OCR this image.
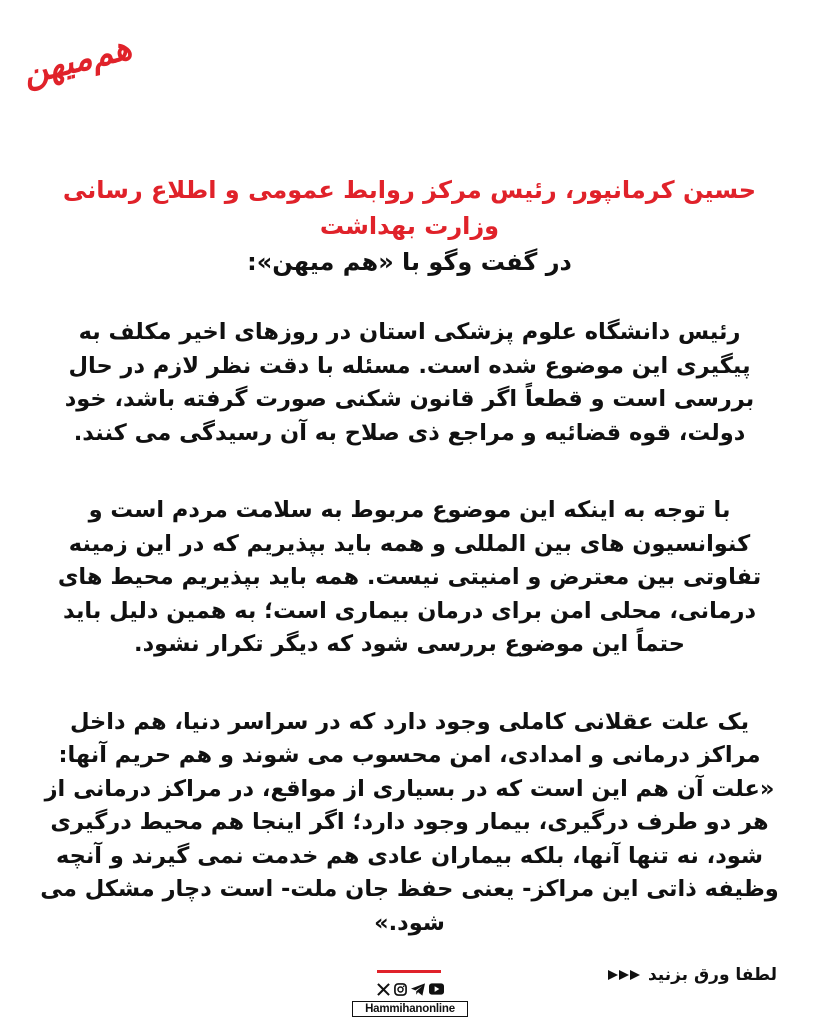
هم‌میهن
حسین کرمانپور، رئیس مرکز روابط عمومی و اطلاع رسانی وزارت بهداشت
در گفت وگو با «هم میهن»:

رئیس دانشگاه علوم پزشکی استان در روزهای اخیر مکلف به پیگیری این موضوع شده است. مسئله با دقت نظر لازم در حال بررسی است و قطعاً اگر قانون شکنی صورت گرفته باشد، خود دولت، قوه قضائیه و مراجع ذی صلاح به آن رسیدگی می کنند.

با توجه به اینکه این موضوع مربوط به سلامت مردم است و کنوانسیون های بین المللی و همه باید بپذیریم که در این زمینه تفاوتی بین معترض و امنیتی نیست. همه باید بپذیریم محیط های درمانی، محلی امن برای درمان بیماری است؛ به همین دلیل باید حتماً این موضوع بررسی شود که دیگر تکرار نشود.

یک علت عقلانی کاملی وجود دارد که در سراسر دنیا، هم داخل مراکز درمانی و امدادی، امن محسوب می شوند و هم حریم آنها: «علت آن هم این است که در بسیاری از مواقع، در مراکز درمانی از هر دو طرف درگیری، بیمار وجود دارد؛ اگر اینجا هم محیط درگیری شود، نه تنها آنها، بلکه بیماران عادی هم خدمت نمی گیرند و آنچه وظیفه ذاتی این مراکز- یعنی حفظ جان ملت- است دچار مشکل می شود.»

لطفا ورق بزنید
Hammihanonline
